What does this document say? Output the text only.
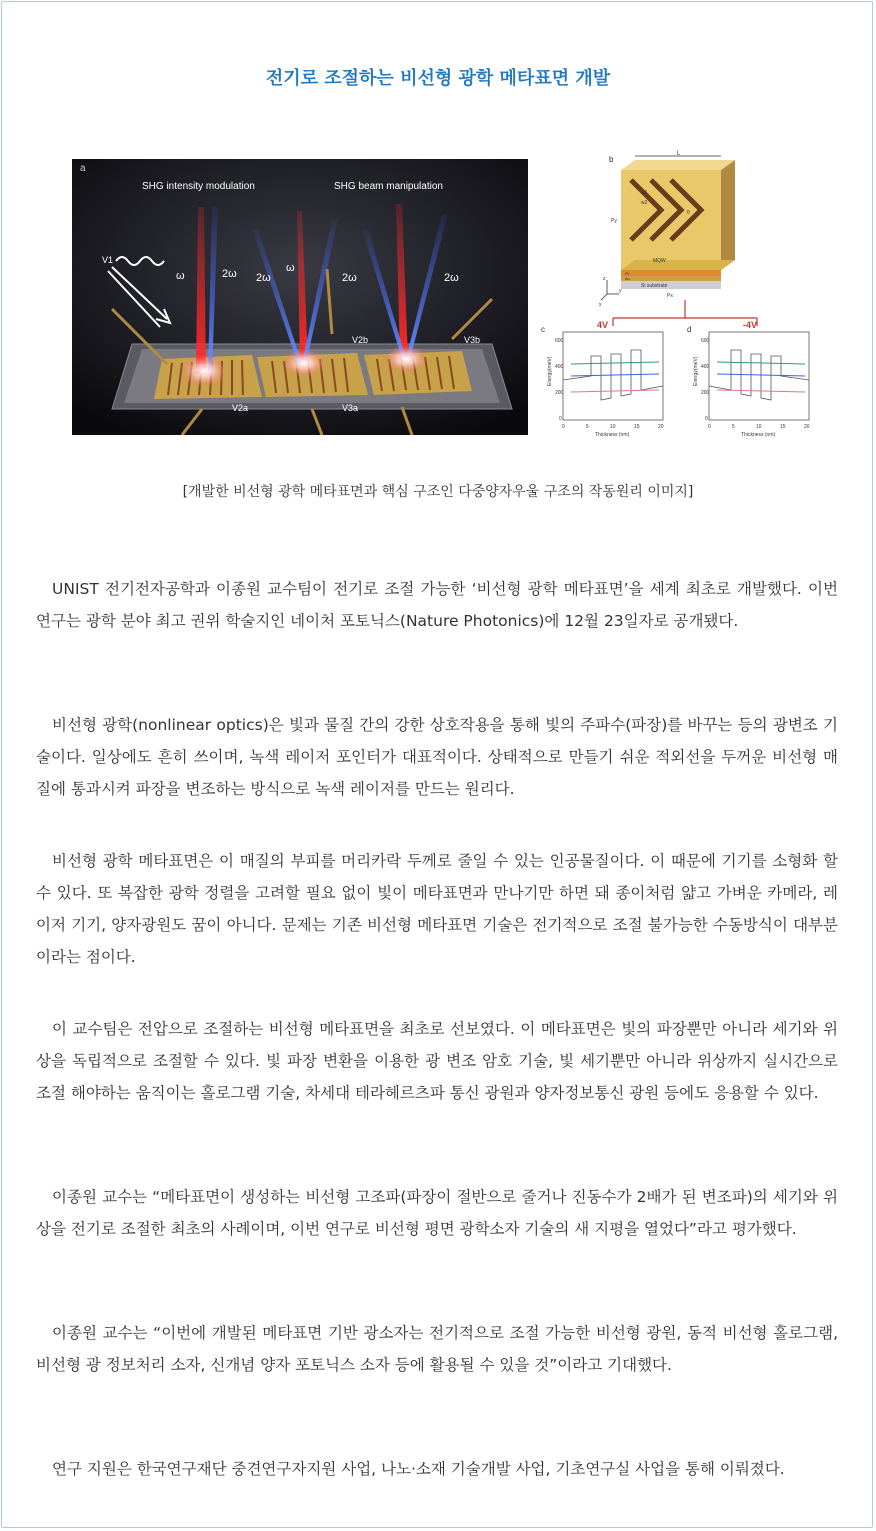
전기로 조절하는 비선형 광학 메타표면 개발
a
SHG intensity modulation	SHG beam manipulation
ω	2ω 2ω
ω
2ω	2ω
V1
V2b	V3b
V2a	V3a
b
L
w1
w2
θ
Py
MQW
Pt
Au
Si substrate
Px
z
y
x
c	4V
Energy(meV)
600
400
200
0
0	5	10	15	20
Thickness (nm)
d	-4V
Energy(meV)
600
400
200
0
0	5	10	15	20
Thickness (nm)
[개발한 비선형 광학 메타표면과 핵심 구조인 다중양자우울 구조의 작동원리 이미지]

UNIST 전기전자공학과 이종원 교수팀이 전기로 조절 가능한 ‘비선형 광학 메타표면’을 세계 최초로 개발했다. 이번 연구는 광학 분야 최고 권위 학술지인 네이처 포토닉스(Nature Photonics)에 12월 23일자로 공개됐다.

비선형 광학(nonlinear optics)은 빛과 물질 간의 강한 상호작용을 통해 빛의 주파수(파장)를 바꾸는 등의 광변조 기술이다. 일상에도 흔히 쓰이며, 녹색 레이저 포인터가 대표적이다. 상태적으로 만들기 쉬운 적외선을 두꺼운 비선형 매질에 통과시켜 파장을 변조하는 방식으로 녹색 레이저를 만드는 원리다.

비선형 광학 메타표면은 이 매질의 부피를 머리카락 두께로 줄일 수 있는 인공물질이다. 이 때문에 기기를 소형화 할 수 있다. 또 복잡한 광학 정렬을 고려할 필요 없이 빛이 메타표면과 만나기만 하면 돼 종이처럼 얇고 가벼운 카메라, 레이저 기기, 양자광원도 꿈이 아니다. 문제는 기존 비선형 메타표면 기술은 전기적으로 조절 불가능한 수동방식이 대부분이라는 점이다.

이 교수팀은 전압으로 조절하는 비선형 메타표면을 최초로 선보였다. 이 메타표면은 빛의 파장뿐만 아니라 세기와 위상을 독립적으로 조절할 수 있다. 빛 파장 변환을 이용한 광 변조 암호 기술, 빛 세기뿐만 아니라 위상까지 실시간으로 조절 해야하는 움직이는 홀로그램 기술, 차세대 테라헤르츠파 통신 광원과 양자정보통신 광원 등에도 응용할 수 있다.

이종원 교수는 “메타표면이 생성하는 비선형 고조파(파장이 절반으로 줄거나 진동수가 2배가 된 변조파)의 세기와 위상을 전기로 조절한 최초의 사례이며, 이번 연구로 비선형 평면 광학소자 기술의 새 지평을 열었다”라고 평가했다.

이종원 교수는 “이번에 개발된 메타표면 기반 광소자는 전기적으로 조절 가능한 비선형 광원, 동적 비선형 홀로그램, 비선형 광 정보처리 소자, 신개념 양자 포토닉스 소자 등에 활용될 수 있을 것”이라고 기대했다.

연구 지원은 한국연구재단 중견연구자지원 사업, 나노·소재 기술개발 사업, 기초연구실 사업을 통해 이뤄졌다.
